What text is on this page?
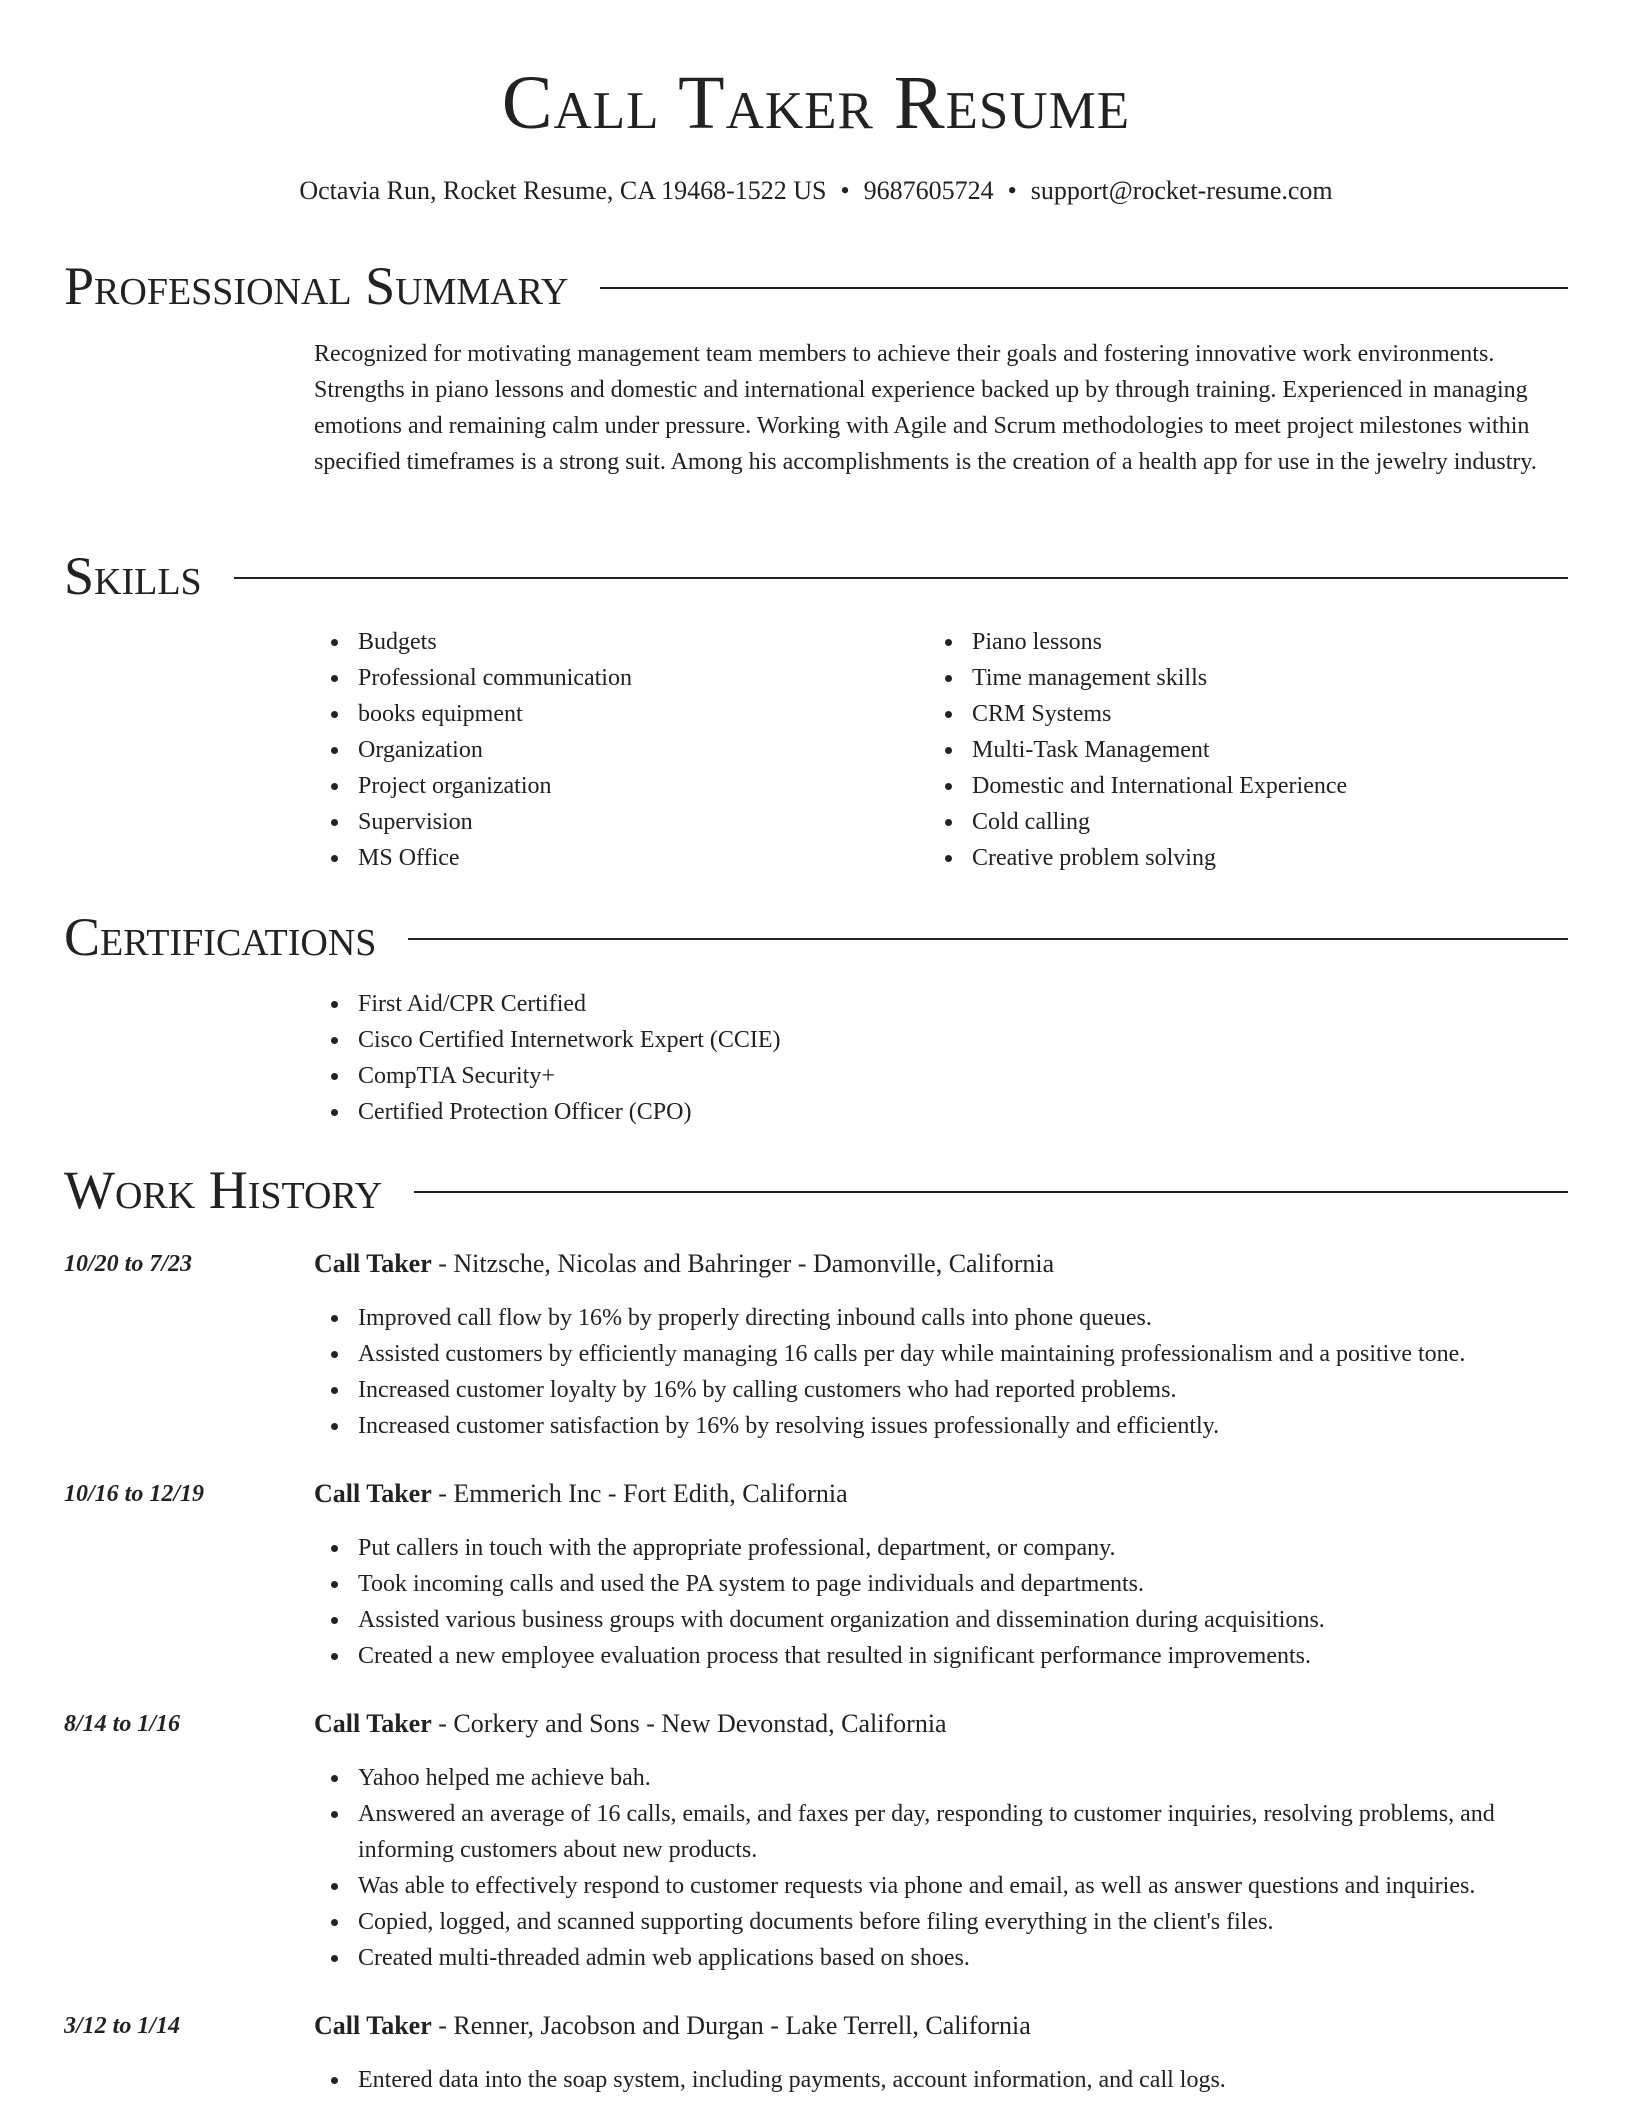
Call Taker Resume
Octavia Run, Rocket Resume, CA 19468-1522 US • 9687605724 • support@rocket-resume.com
Professional Summary
Recognized for motivating management team members to achieve their goals and fostering innovative work environments. Strengths in piano lessons and domestic and international experience backed up by through training. Experienced in managing emotions and remaining calm under pressure. Working with Agile and Scrum methodologies to meet project milestones within specified timeframes is a strong suit. Among his accomplishments is the creation of a health app for use in the jewelry industry.
Skills
Budgets
Professional communication
books equipment
Organization
Project organization
Supervision
MS Office
Piano lessons
Time management skills
CRM Systems
Multi-Task Management
Domestic and International Experience
Cold calling
Creative problem solving
Certifications
First Aid/CPR Certified
Cisco Certified Internetwork Expert (CCIE)
CompTIA Security+
Certified Protection Officer (CPO)
Work History
10/20 to 7/23	Call Taker - Nitzsche, Nicolas and Bahringer - Damonville, California
Improved call flow by 16% by properly directing inbound calls into phone queues.
Assisted customers by efficiently managing 16 calls per day while maintaining professionalism and a positive tone.
Increased customer loyalty by 16% by calling customers who had reported problems.
Increased customer satisfaction by 16% by resolving issues professionally and efficiently.
10/16 to 12/19	Call Taker - Emmerich Inc - Fort Edith, California
Put callers in touch with the appropriate professional, department, or company.
Took incoming calls and used the PA system to page individuals and departments.
Assisted various business groups with document organization and dissemination during acquisitions.
Created a new employee evaluation process that resulted in significant performance improvements.
8/14 to 1/16	Call Taker - Corkery and Sons - New Devonstad, California
Yahoo helped me achieve bah.
Answered an average of 16 calls, emails, and faxes per day, responding to customer inquiries, resolving problems, and informing customers about new products.
Was able to effectively respond to customer requests via phone and email, as well as answer questions and inquiries.
Copied, logged, and scanned supporting documents before filing everything in the client's files.
Created multi-threaded admin web applications based on shoes.
3/12 to 1/14	Call Taker - Renner, Jacobson and Durgan - Lake Terrell, California
Entered data into the soap system, including payments, account information, and call logs.
